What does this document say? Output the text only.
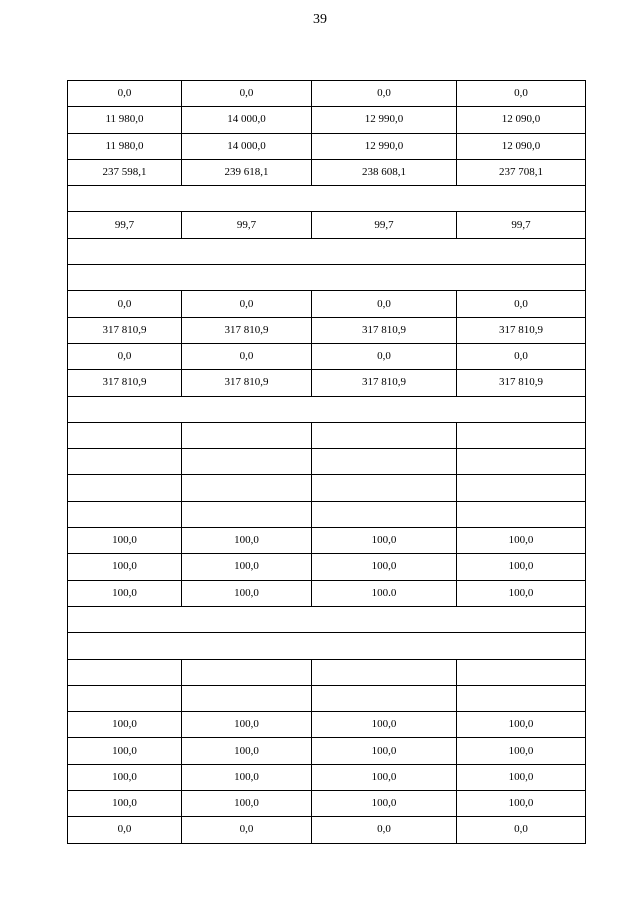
39
0,0	0,0	0,0	0,0
11 980,0	14 000,0	12 990,0	12 090,0
11 980,0	14 000,0	12 990,0	12 090,0
237 598,1	239 618,1	238 608,1	237 708,1

99,7	99,7	99,7	99,7

0,0	0,0	0,0	0,0
317 810,9	317 810,9	317 810,9	317 810,9
0,0	0,0	0,0	0,0
317 810,9	317 810,9	317 810,9	317 810,9

100,0	100,0	100,0	100,0
100,0	100,0	100,0	100,0
100,0	100,0	100.0	100,0

100,0	100,0	100,0	100,0
100,0	100,0	100,0	100,0
100,0	100,0	100,0	100,0
100,0	100,0	100,0	100,0
0,0	0,0	0,0	0,0
